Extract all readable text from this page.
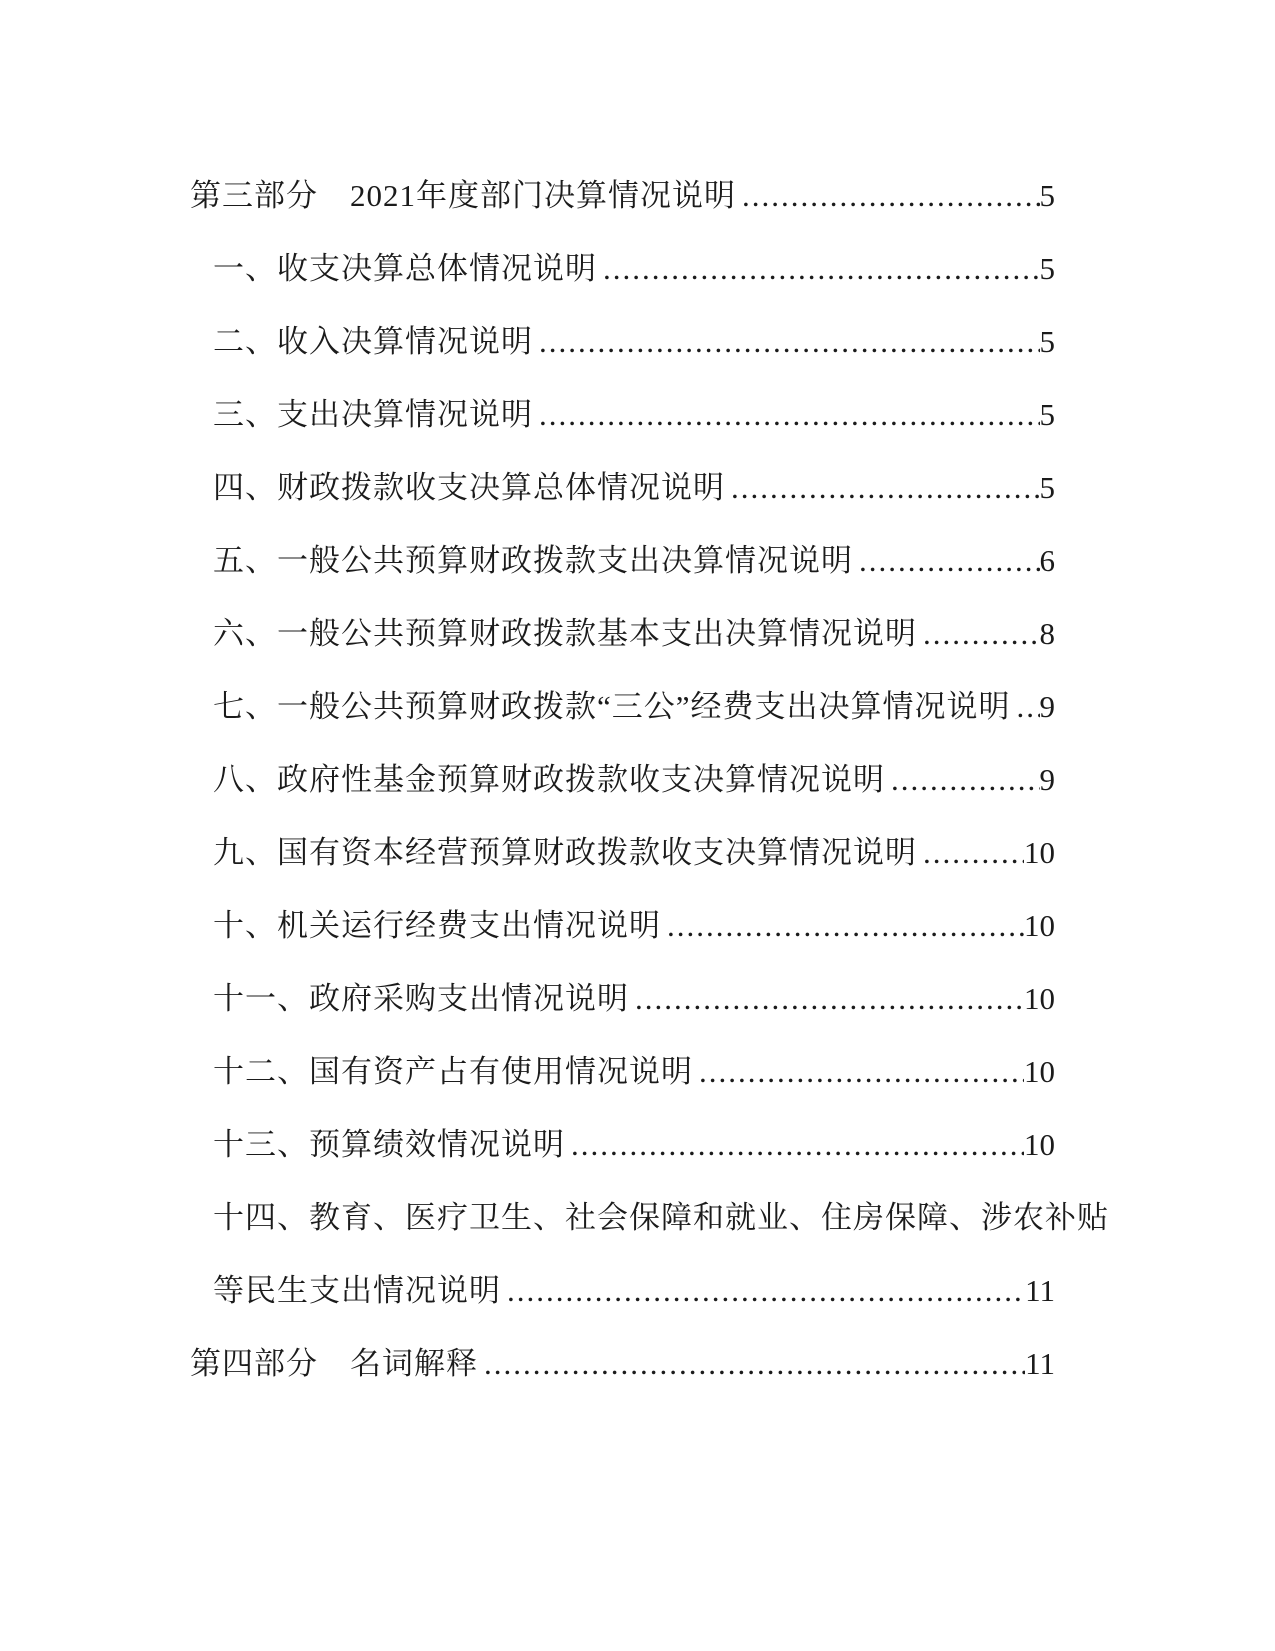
第三部分　2021年度部门决算情况说明 .....	5
一、收支决算总体情况说明 .....	5
二、收入决算情况说明 .....	5
三、支出决算情况说明 .....	5
四、财政拨款收支决算总体情况说明 .....	5
五、一般公共预算财政拨款支出决算情况说明 .....	6
六、一般公共预算财政拨款基本支出决算情况说明 .....	8
七、一般公共预算财政拨款“三公”经费支出决算情况说明 ..... 9
八、政府性基金预算财政拨款收支决算情况说明 .....	9
九、国有资本经营预算财政拨款收支决算情况说明 .....	10
十、机关运行经费支出情况说明 .....	10
十一、政府采购支出情况说明 .....	10
十二、国有资产占有使用情况说明 .....	10
十三、预算绩效情况说明 .....	10
十四、教育、医疗卫生、社会保障和就业、住房保障、涉农补贴
等民生支出情况说明 .....	11
第四部分　名词解释 .....	11
